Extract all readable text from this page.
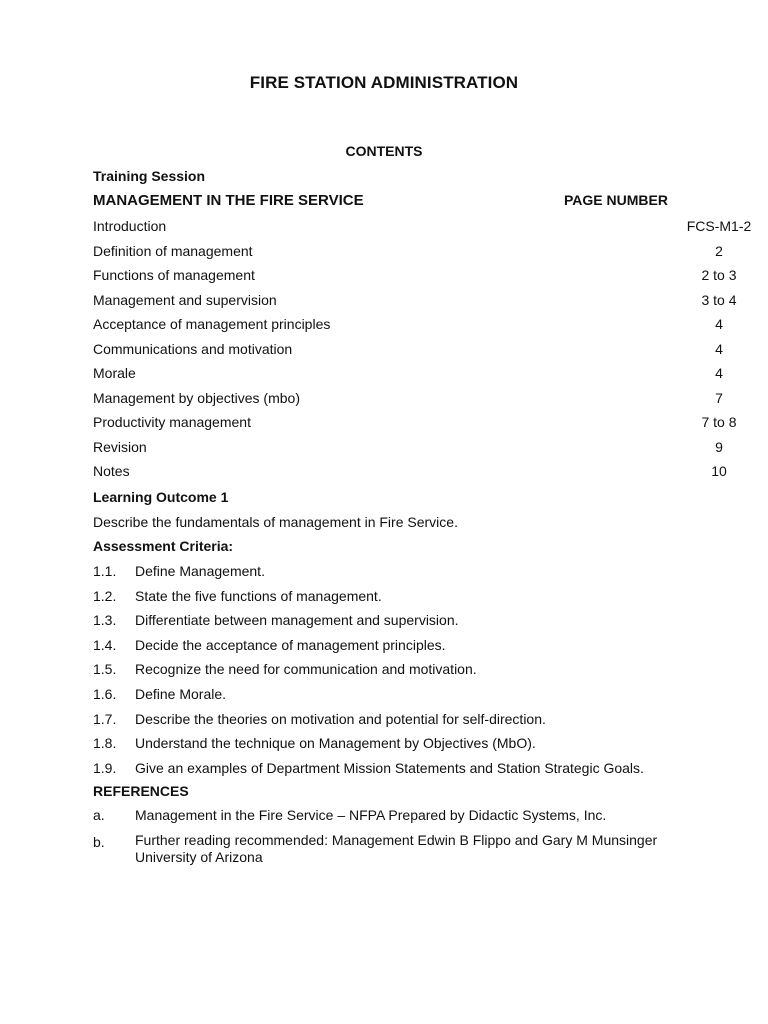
FIRE STATION ADMINISTRATION
CONTENTS
Training Session
MANAGEMENT IN THE FIRE SERVICE	PAGE NUMBER
Introduction	FCS-M1-2
Definition of management	2
Functions of management	2 to 3
Management and supervision	3 to 4
Acceptance of management principles	4
Communications and motivation	4
Morale	4
Management by objectives (mbo)	7
Productivity management	7 to 8
Revision	9
Notes	10
Learning Outcome 1
Describe the fundamentals of management in Fire Service.
Assessment Criteria:
1.1. Define Management.
1.2. State the five functions of management.
1.3. Differentiate between management and supervision.
1.4. Decide the acceptance of management principles.
1.5. Recognize the need for communication and motivation.
1.6. Define Morale.
1.7. Describe the theories on motivation and potential for self-direction.
1.8. Understand the technique on Management by Objectives (MbO).
1.9. Give an examples of Department Mission Statements and Station Strategic Goals.
REFERENCES
a. Management in the Fire Service – NFPA Prepared by Didactic Systems, Inc.
b. Further reading recommended: Management Edwin B Flippo and Gary M Munsinger University of Arizona
